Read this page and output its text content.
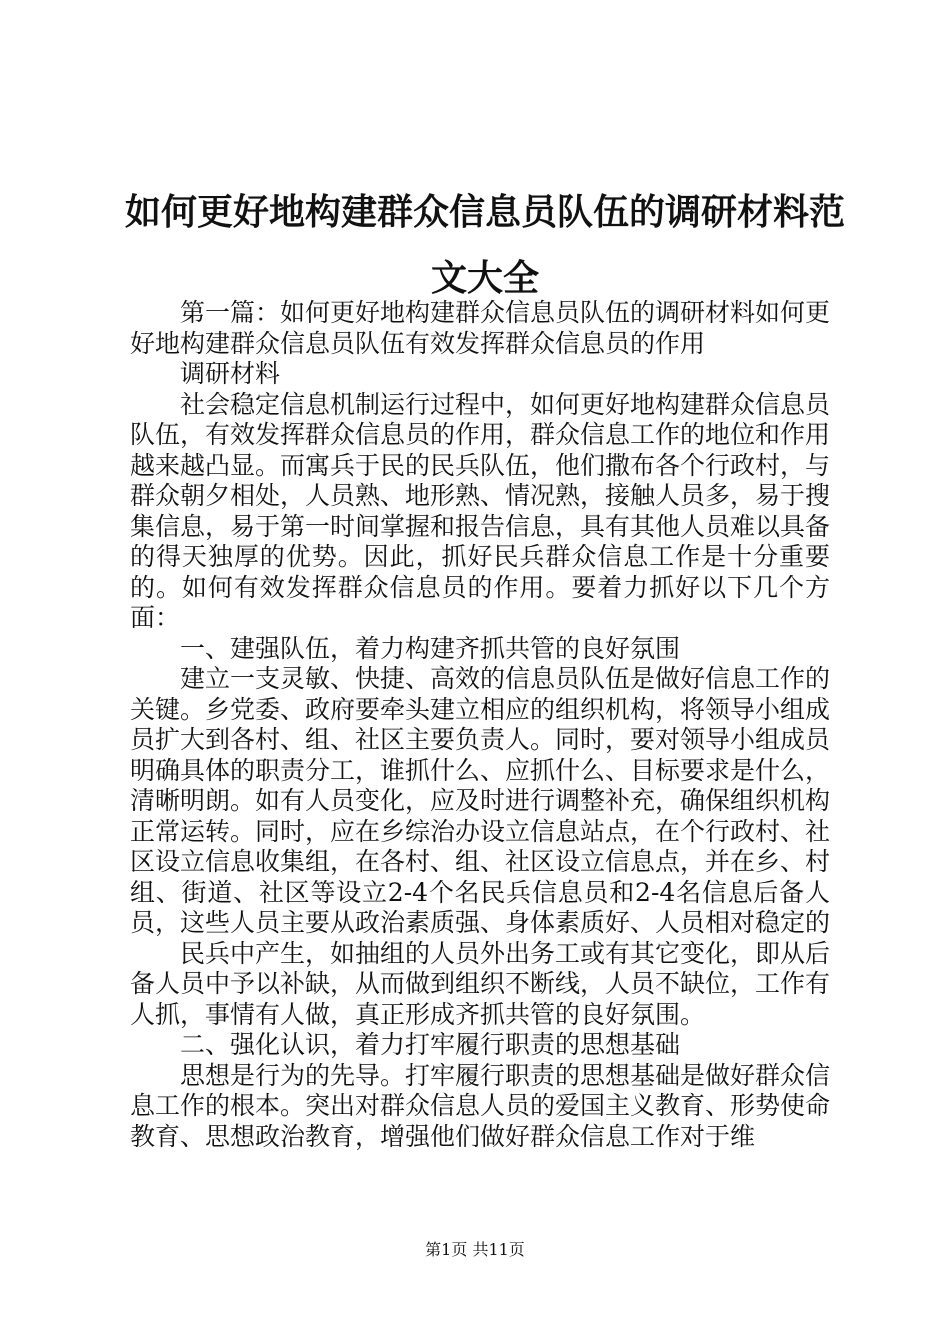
如何更好地构建群众信息员队伍的调研材料范文大全

第一篇：如何更好地构建群众信息员队伍的调研材料如何更好地构建群众信息员队伍有效发挥群众信息员的作用

调研材料

社会稳定信息机制运行过程中，如何更好地构建群众信息员队伍，有效发挥群众信息员的作用，群众信息工作的地位和作用越来越凸显。而寓兵于民的民兵队伍，他们撒布各个行政村，与群众朝夕相处，人员熟、地形熟、情况熟，接触人员多，易于搜集信息，易于第一时间掌握和报告信息，具有其他人员难以具备的得天独厚的优势。因此，抓好民兵群众信息工作是十分重要的。如何有效发挥群众信息员的作用。要着力抓好以下几个方面：

一、建强队伍，着力构建齐抓共管的良好氛围

建立一支灵敏、快捷、高效的信息员队伍是做好信息工作的关键。乡党委、政府要牵头建立相应的组织机构，将领导小组成员扩大到各村、组、社区主要负责人。同时，要对领导小组成员明确具体的职责分工，谁抓什么、应抓什么、目标要求是什么，清晰明朗。如有人员变化，应及时进行调整补充，确保组织机构正常运转。同时，应在乡综治办设立信息站点，在个行政村、社区设立信息收集组，在各村、组、社区设立信息点，并在乡、村组、街道、社区等设立2-4个名民兵信息员和2-4名信息后备人员，这些人员主要从政治素质强、身体素质好、人员相对稳定的

民兵中产生，如抽组的人员外出务工或有其它变化，即从后备人员中予以补缺，从而做到组织不断线，人员不缺位，工作有人抓，事情有人做，真正形成齐抓共管的良好氛围。

二、强化认识，着力打牢履行职责的思想基础

思想是行为的先导。打牢履行职责的思想基础是做好群众信息工作的根本。突出对群众信息人员的爱国主义教育、形势使命教育、思想政治教育，增强他们做好群众信息工作对于维

第1页 共11页
